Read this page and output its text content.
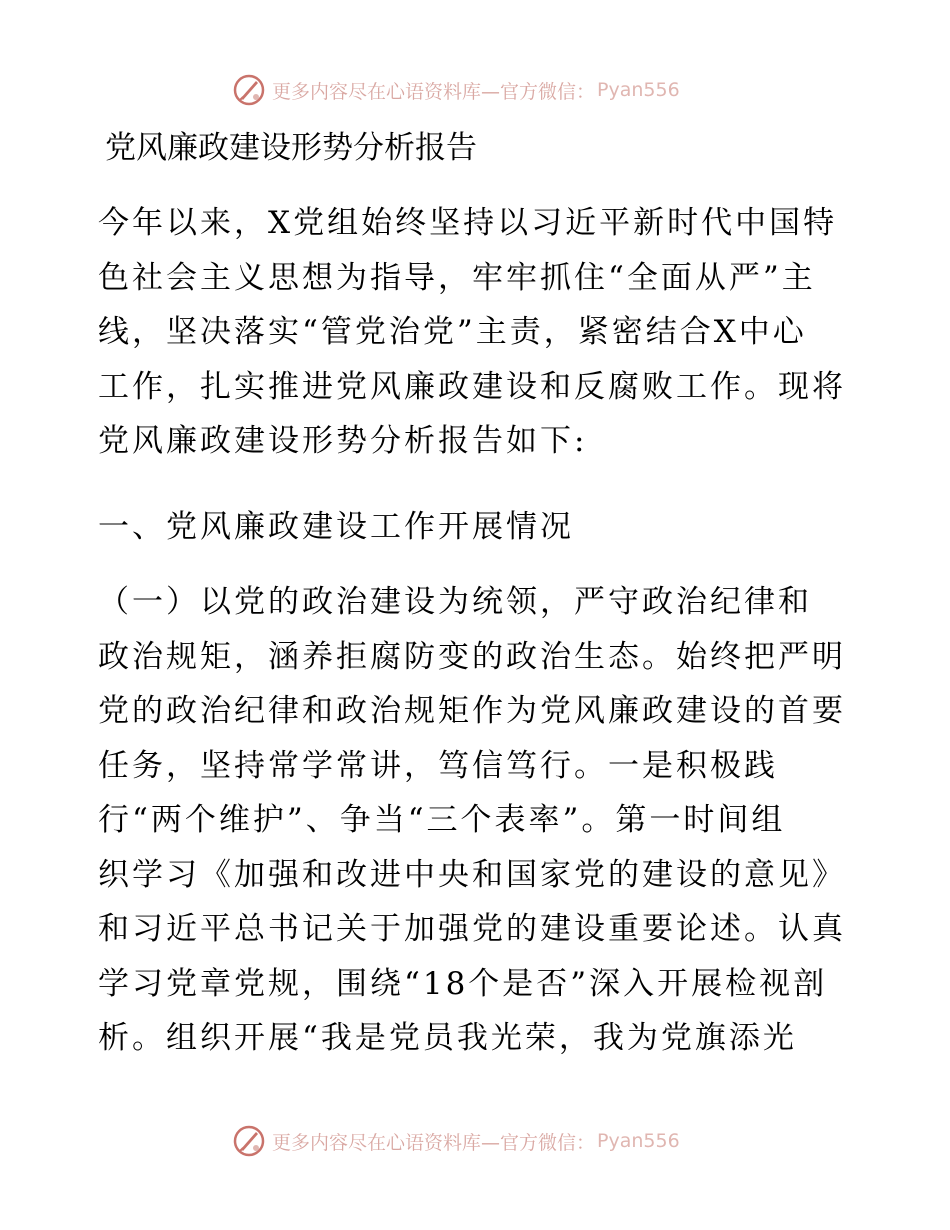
更多内容尽在心语资料库—官方微信： Pyan556
党风廉政建设形势分析报告
今年以来，X党组始终坚持以习近平新时代中国特
色社会主义思想为指导，牢牢抓住“全面从严”主
线，坚决落实“管党治党”主责，紧密结合X中心
工作，扎实推进党风廉政建设和反腐败工作。现将
党风廉政建设形势分析报告如下:
一、党风廉政建设工作开展情况
（一）以党的政治建设为统领，严守政治纪律和
政治规矩，涵养拒腐防变的政治生态。始终把严明
党的政治纪律和政治规矩作为党风廉政建设的首要
任务，坚持常学常讲，笃信笃行。一是积极践
行“两个维护”、争当“三个表率”。第一时间组
织学习《加强和改进中央和国家党的建设的意见》
和习近平总书记关于加强党的建设重要论述。认真
学习党章党规，围绕“18个是否”深入开展检视剖
析。组织开展“我是党员我光荣，我为党旗添光
更多内容尽在心语资料库—官方微信： Pyan556
